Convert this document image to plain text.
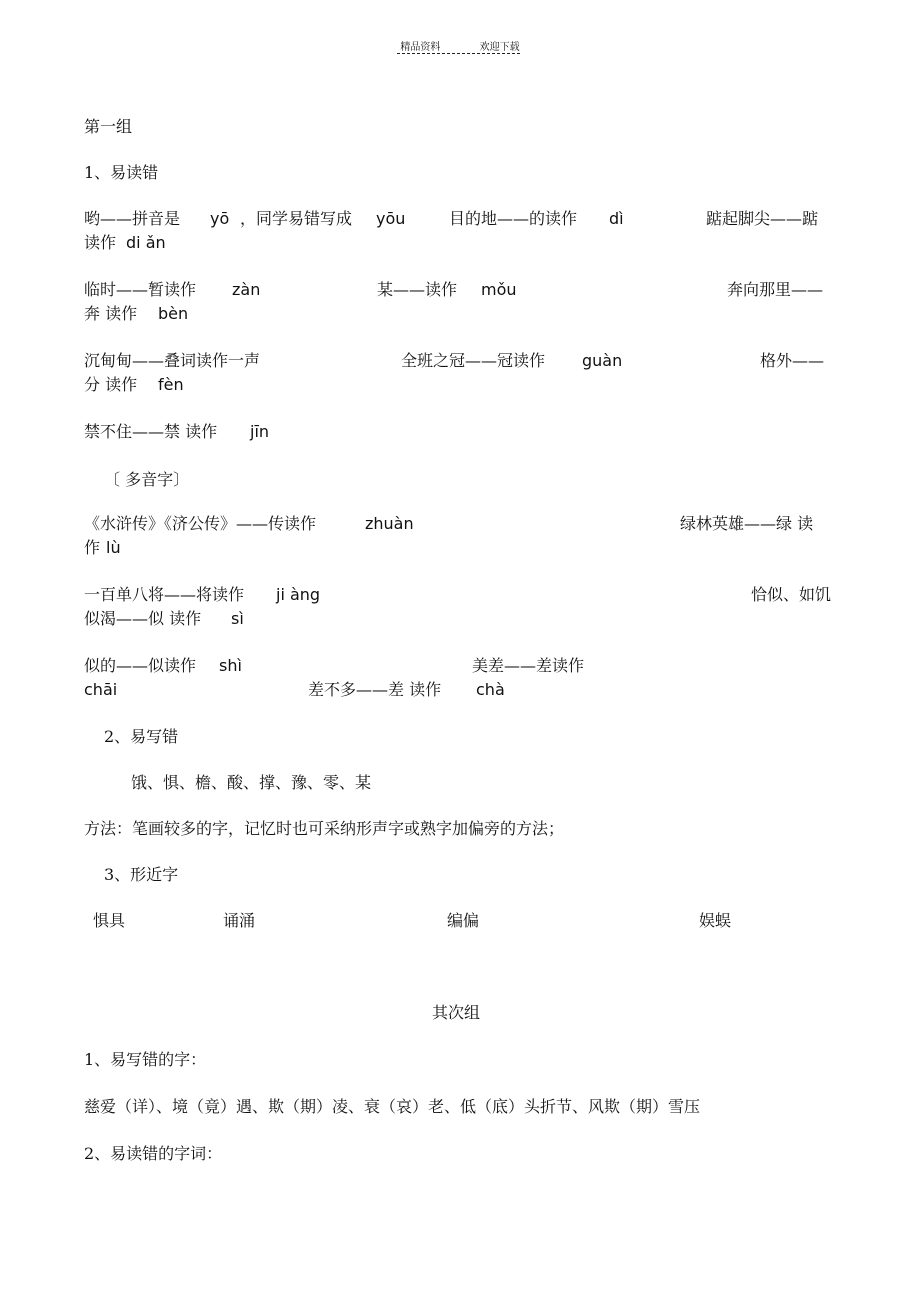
精品资料	欢迎下载
第一组
1、易读错
哟——拼音是 yō ，同学易错写成 yōu	目的地——的读作 dì	踮起脚尖——踮
读作 di ǎn
临时——暂读作 zàn	某——读作 mǒu	奔向那里——
奔 读作 bèn
沉甸甸——叠词读作一声	全班之冠——冠读作 guàn	格外——
分 读作 fèn
禁不住——禁 读作 jīn
〔 多音字〕
《水浒传》《济公传》——传读作	zhuàn	绿林英雄——绿 读
作 lù
一百单八将——将读作 ji àng	恰似、如饥
似渴——似 读作 sì
似的——似读作 shì	美差——差读作
chāi	差不多——差 读作 chà
2、易写错
饿、惧、檐、酸、撑、豫、零、某
方法：笔画较多的字，记忆时也可采纳形声字或熟字加偏旁的方法；
3、形近字
惧具	诵涌	编偏	娱蜈
其次组
1、易写错的字：
慈爱（详）、境（竟）遇、欺（期）凌、衰（哀）老、低（底）头折节、风欺（期）雪压
2、易读错的字词：
